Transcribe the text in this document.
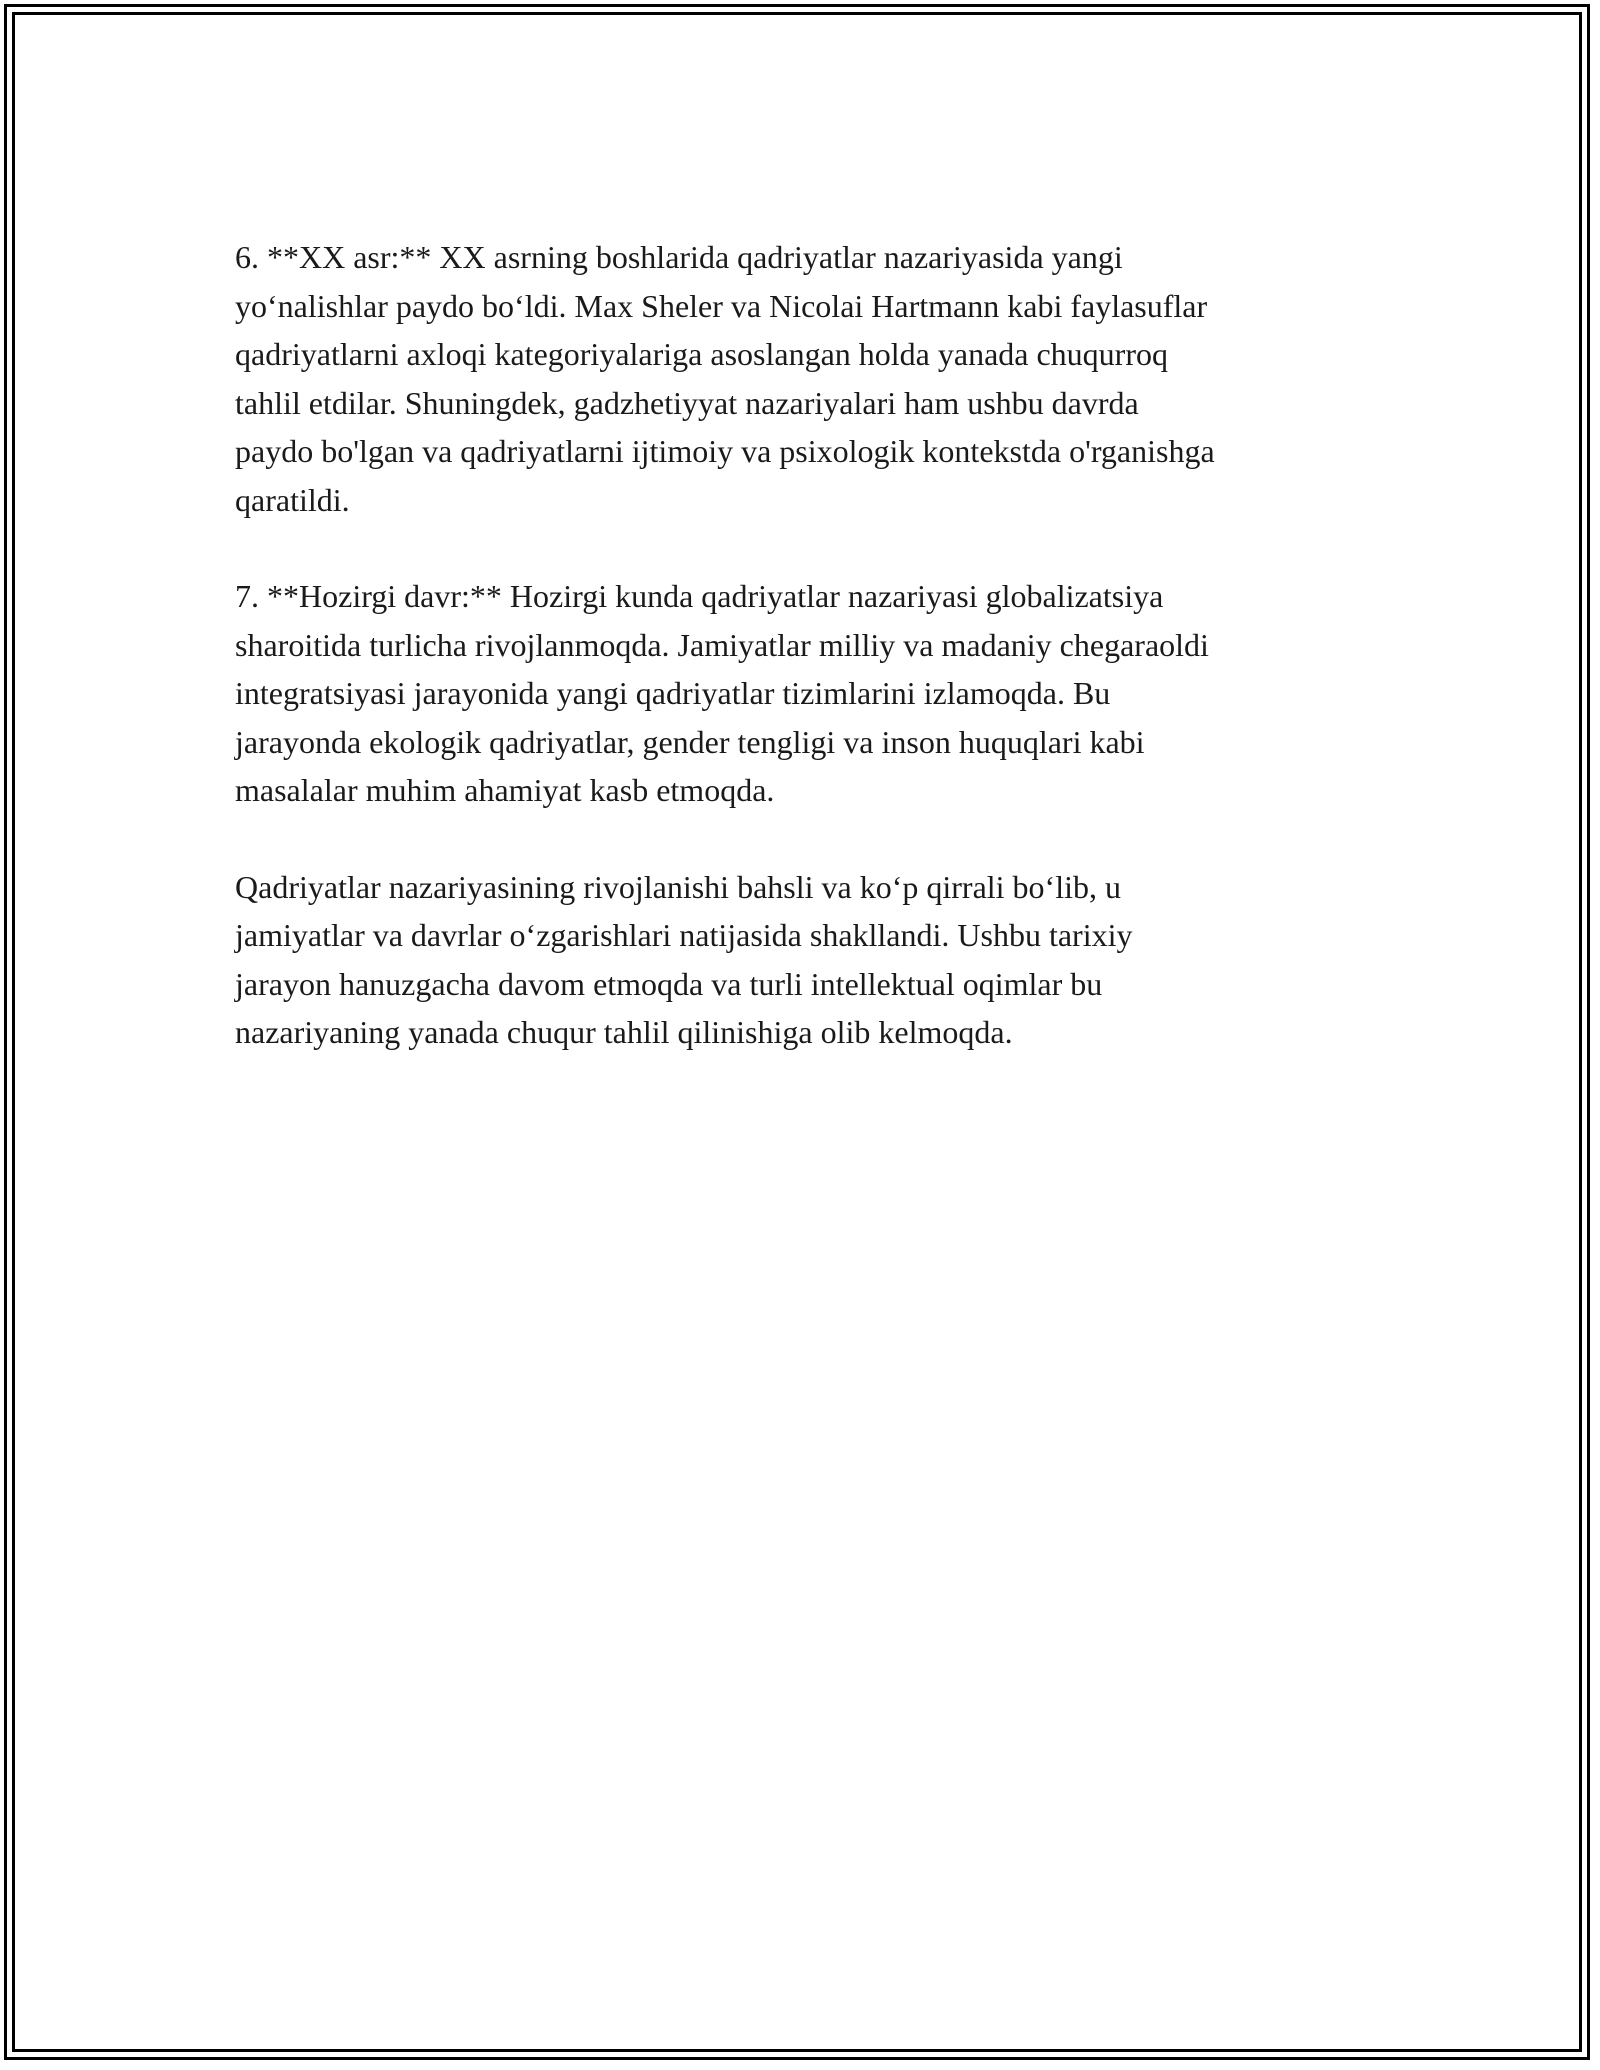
6. **XX asr:** XX asrning boshlarida qadriyatlar nazariyasida yangi
yo‘nalishlar paydo bo‘ldi. Max Sheler va Nicolai Hartmann kabi faylasuflar
qadriyatlarni axloqi kategoriyalariga asoslangan holda yanada chuqurroq
tahlil etdilar. Shuningdek, gadzhetiyyat nazariyalari ham ushbu davrda
paydo bo'lgan va qadriyatlarni ijtimoiy va psixologik kontekstda o'rganishga
qaratildi.

7. **Hozirgi davr:** Hozirgi kunda qadriyatlar nazariyasi globalizatsiya
sharoitida turlicha rivojlanmoqda. Jamiyatlar milliy va madaniy chegaraoldi
integratsiyasi jarayonida yangi qadriyatlar tizimlarini izlamoqda. Bu
jarayonda ekologik qadriyatlar, gender tengligi va inson huquqlari kabi
masalalar muhim ahamiyat kasb etmoqda.

Qadriyatlar nazariyasining rivojlanishi bahsli va ko‘p qirrali bo‘lib, u
jamiyatlar va davrlar o‘zgarishlari natijasida shakllandi. Ushbu tarixiy
jarayon hanuzgacha davom etmoqda va turli intellektual oqimlar bu
nazariyaning yanada chuqur tahlil qilinishiga olib kelmoqda.
